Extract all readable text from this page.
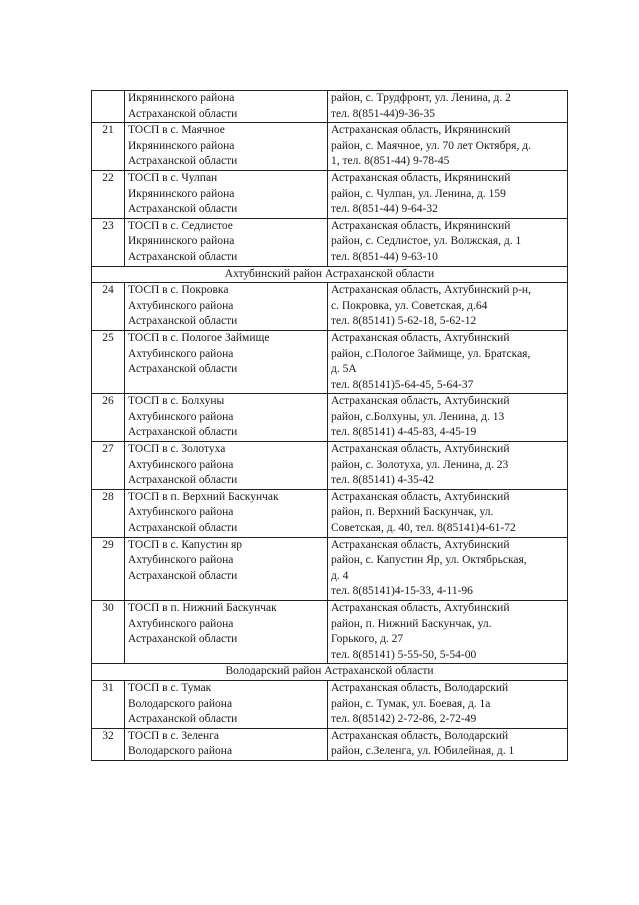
	Икрянинского района
Астраханской области	район, с. Трудфронт, ул. Ленина, д. 2
тел. 8(851-44)9-36-35

21	ТОСП в с. Маячное
Икрянинского района
Астраханской области	Астраханская область, Икрянинский
район, с. Маячное, ул. 70 лет Октября, д.
1, тел. 8(851-44) 9-78-45

22	ТОСП в с. Чулпан
Икрянинского района
Астраханской области	Астраханская область, Икрянинский
район, с. Чулпан, ул. Ленина, д. 159
тел. 8(851-44) 9-64-32

23	ТОСП в с. Седлистое
Икрянинского района
Астраханской области	Астраханская область, Икрянинский
район, с. Седлистое, ул. Волжская, д. 1
тел. 8(851-44) 9-63-10

Ахтубинский район Астраханской области		
24	ТОСП в с. Покровка
Ахтубинского района
Астраханской области	Астраханская область, Ахтубинский р-н,
с. Покровка, ул. Советская, д.64
тел. 8(85141) 5-62-18, 5-62-12

25	ТОСП в с. Пологое Займище
Ахтубинского района
Астраханской области	Астраханская область, Ахтубинский
район, с.Пологое Займище, ул. Братская,
д. 5А
тел. 8(85141)5-64-45, 5-64-37

26	ТОСП в с. Болхуны
Ахтубинского района
Астраханской области	Астраханская область, Ахтубинский
район, с.Болхуны, ул. Ленина, д. 13
тел. 8(85141) 4-45-83, 4-45-19

27	ТОСП в с. Золотуха
Ахтубинского района
Астраханской области	Астраханская область, Ахтубинский
район, с. Золотуха, ул. Ленина, д. 23
тел. 8(85141) 4-35-42

28	ТОСП в п. Верхний Баскунчак
Ахтубинского района
Астраханской области	Астраханская область, Ахтубинский
район, п. Верхний Баскунчак, ул.
Советская, д. 40, тел. 8(85141)4-61-72

29	ТОСП в с. Капустин яр
Ахтубинского района
Астраханской области	Астраханская область, Ахтубинский
район, с. Капустин Яр, ул. Октябрьская,
д. 4
тел. 8(85141)4-15-33, 4-11-96

30	ТОСП в п. Нижний Баскунчак
Ахтубинского района
Астраханской области	Астраханская область, Ахтубинский
район, п. Нижний Баскунчак, ул.
Горького, д. 27
тел. 8(85141) 5-55-50, 5-54-00

Володарский район Астраханской области		
31	ТОСП в с. Тумак
Володарского района
Астраханской области	Астраханская область, Володарский
район, с. Тумак, ул. Боевая, д. 1а
тел. 8(85142) 2-72-86, 2-72-49

32	ТОСП в с. Зеленга
Володарского района	Астраханская область, Володарский
район, с.Зеленга, ул. Юбилейная, д. 1
